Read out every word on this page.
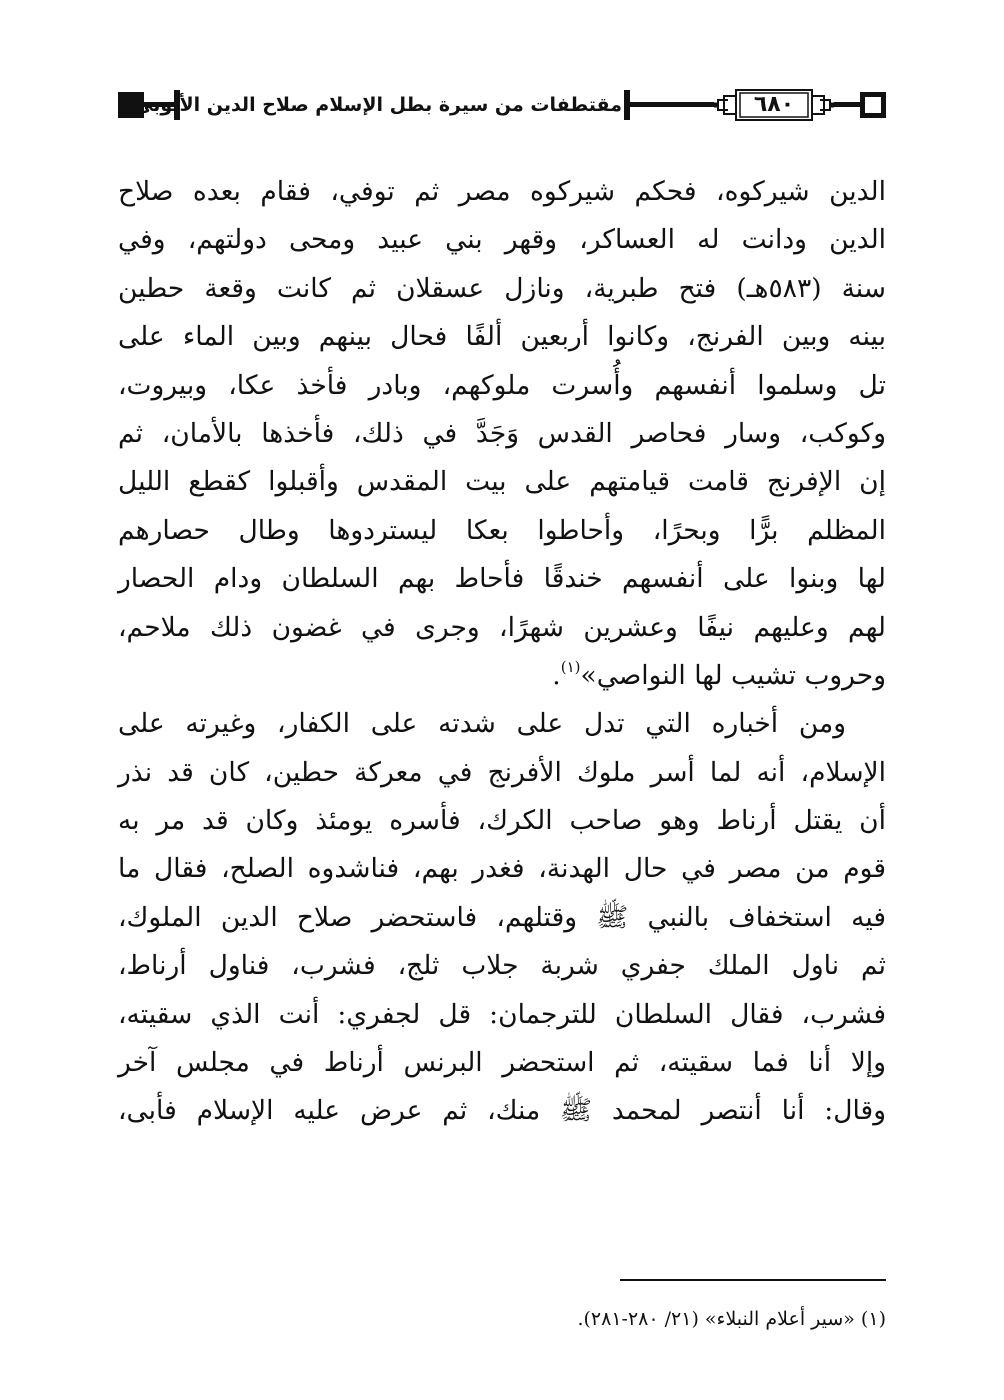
٦٨٠
مقتطفات من سيرة بطل الإسلام صلاح الدين الأيوبي
الدين شيركوه، فحكم شيركوه مصر ثم توفي، فقام بعده صلاح
الدين ودانت له العساكر، وقهر بني عبيد ومحى دولتهم، وفي
سنة (٥٨٣هـ) فتح طبرية، ونازل عسقلان ثم كانت وقعة حطين
بينه وبين الفرنج، وكانوا أربعين ألفًا فحال بينهم وبين الماء على
تل وسلموا أنفسهم وأُسرت ملوكهم، وبادر فأخذ عكا، وبيروت،
وكوكب، وسار فحاصر القدس وَجَدَّ في ذلك، فأخذها بالأمان، ثم
إن الإفرنج قامت قيامتهم على بيت المقدس وأقبلوا كقطع الليل
المظلم برًّا وبحرًا، وأحاطوا بعكا ليستردوها وطال حصارهم
لها وبنوا على أنفسهم خندقًا فأحاط بهم السلطان ودام الحصار
لهم وعليهم نيفًا وعشرين شهرًا، وجرى في غضون ذلك ملاحم،
وحروب تشيب لها النواصي»$^{(١)}$.
ومن أخباره التي تدل على شدته على الكفار، وغيرته على
الإسلام، أنه لما أسر ملوك الأفرنج في معركة حطين، كان قد نذر
أن يقتل أرناط وهو صاحب الكرك، فأسره يومئذ وكان قد مر به
قوم من مصر في حال الهدنة، فغدر بهم، فناشدوه الصلح، فقال ما
فيه استخفاف بالنبي ﷺ وقتلهم، فاستحضر صلاح الدين الملوك،
ثم ناول الملك جفري شربة جلاب ثلج، فشرب، فناول أرناط،
فشرب، فقال السلطان للترجمان: قل لجفري: أنت الذي سقيته،
وإلا أنا فما سقيته، ثم استحضر البرنس أرناط في مجلس آخر
وقال: أنا أنتصر لمحمد ﷺ منك، ثم عرض عليه الإسلام فأبى،
(١) «سير أعلام النبلاء» (٢١/ ٢٨٠-٢٨١).
